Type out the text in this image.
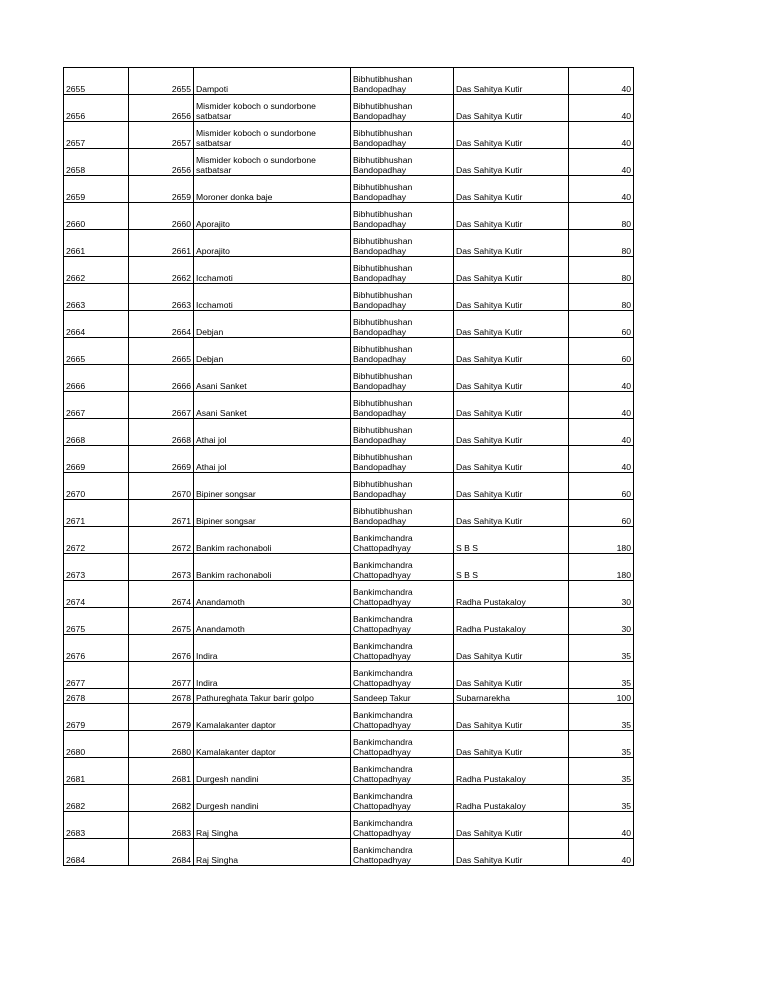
2655	2655	Dampoti	Bibhutibhushan Bandopadhay	Das Sahitya Kutir	40
2656	2656	Mismider koboch o sundorbone satbatsar	Bibhutibhushan Bandopadhay	Das Sahitya Kutir	40
2657	2657	Mismider koboch o sundorbone satbatsar	Bibhutibhushan Bandopadhay	Das Sahitya Kutir	40
2658	2656	Mismider koboch o sundorbone satbatsar	Bibhutibhushan Bandopadhay	Das Sahitya Kutir	40
2659	2659	Moroner donka baje	Bibhutibhushan Bandopadhay	Das Sahitya Kutir	40
2660	2660	Aporajito	Bibhutibhushan Bandopadhay	Das Sahitya Kutir	80
2661	2661	Aporajito	Bibhutibhushan Bandopadhay	Das Sahitya Kutir	80
2662	2662	Icchamoti	Bibhutibhushan Bandopadhay	Das Sahitya Kutir	80
2663	2663	Icchamoti	Bibhutibhushan Bandopadhay	Das Sahitya Kutir	80
2664	2664	Debjan	Bibhutibhushan Bandopadhay	Das Sahitya Kutir	60
2665	2665	Debjan	Bibhutibhushan Bandopadhay	Das Sahitya Kutir	60
2666	2666	Asani Sanket	Bibhutibhushan Bandopadhay	Das Sahitya Kutir	40
2667	2667	Asani Sanket	Bibhutibhushan Bandopadhay	Das Sahitya Kutir	40
2668	2668	Athai jol	Bibhutibhushan Bandopadhay	Das Sahitya Kutir	40
2669	2669	Athai jol	Bibhutibhushan Bandopadhay	Das Sahitya Kutir	40
2670	2670	Bipiner songsar	Bibhutibhushan Bandopadhay	Das Sahitya Kutir	60
2671	2671	Bipiner songsar	Bibhutibhushan Bandopadhay	Das Sahitya Kutir	60
2672	2672	Bankim rachonaboli	Bankimchandra Chattopadhyay	S B S	180
2673	2673	Bankim rachonaboli	Bankimchandra Chattopadhyay	S B S	180
2674	2674	Anandamoth	Bankimchandra Chattopadhyay	Radha Pustakaloy	30
2675	2675	Anandamoth	Bankimchandra Chattopadhyay	Radha Pustakaloy	30
2676	2676	Indira	Bankimchandra Chattopadhyay	Das Sahitya Kutir	35
2677	2677	Indira	Bankimchandra Chattopadhyay	Das Sahitya Kutir	35
2678	2678	Pathureghata Takur barir golpo	Sandeep Takur	Subarnarekha	100
2679	2679	Kamalakanter daptor	Bankimchandra Chattopadhyay	Das Sahitya Kutir	35
2680	2680	Kamalakanter daptor	Bankimchandra Chattopadhyay	Das Sahitya Kutir	35
2681	2681	Durgesh nandini	Bankimchandra Chattopadhyay	Radha Pustakaloy	35
2682	2682	Durgesh nandini	Bankimchandra Chattopadhyay	Radha Pustakaloy	35
2683	2683	Raj Singha	Bankimchandra Chattopadhyay	Das Sahitya Kutir	40
2684	2684	Raj Singha	Bankimchandra Chattopadhyay	Das Sahitya Kutir	40
